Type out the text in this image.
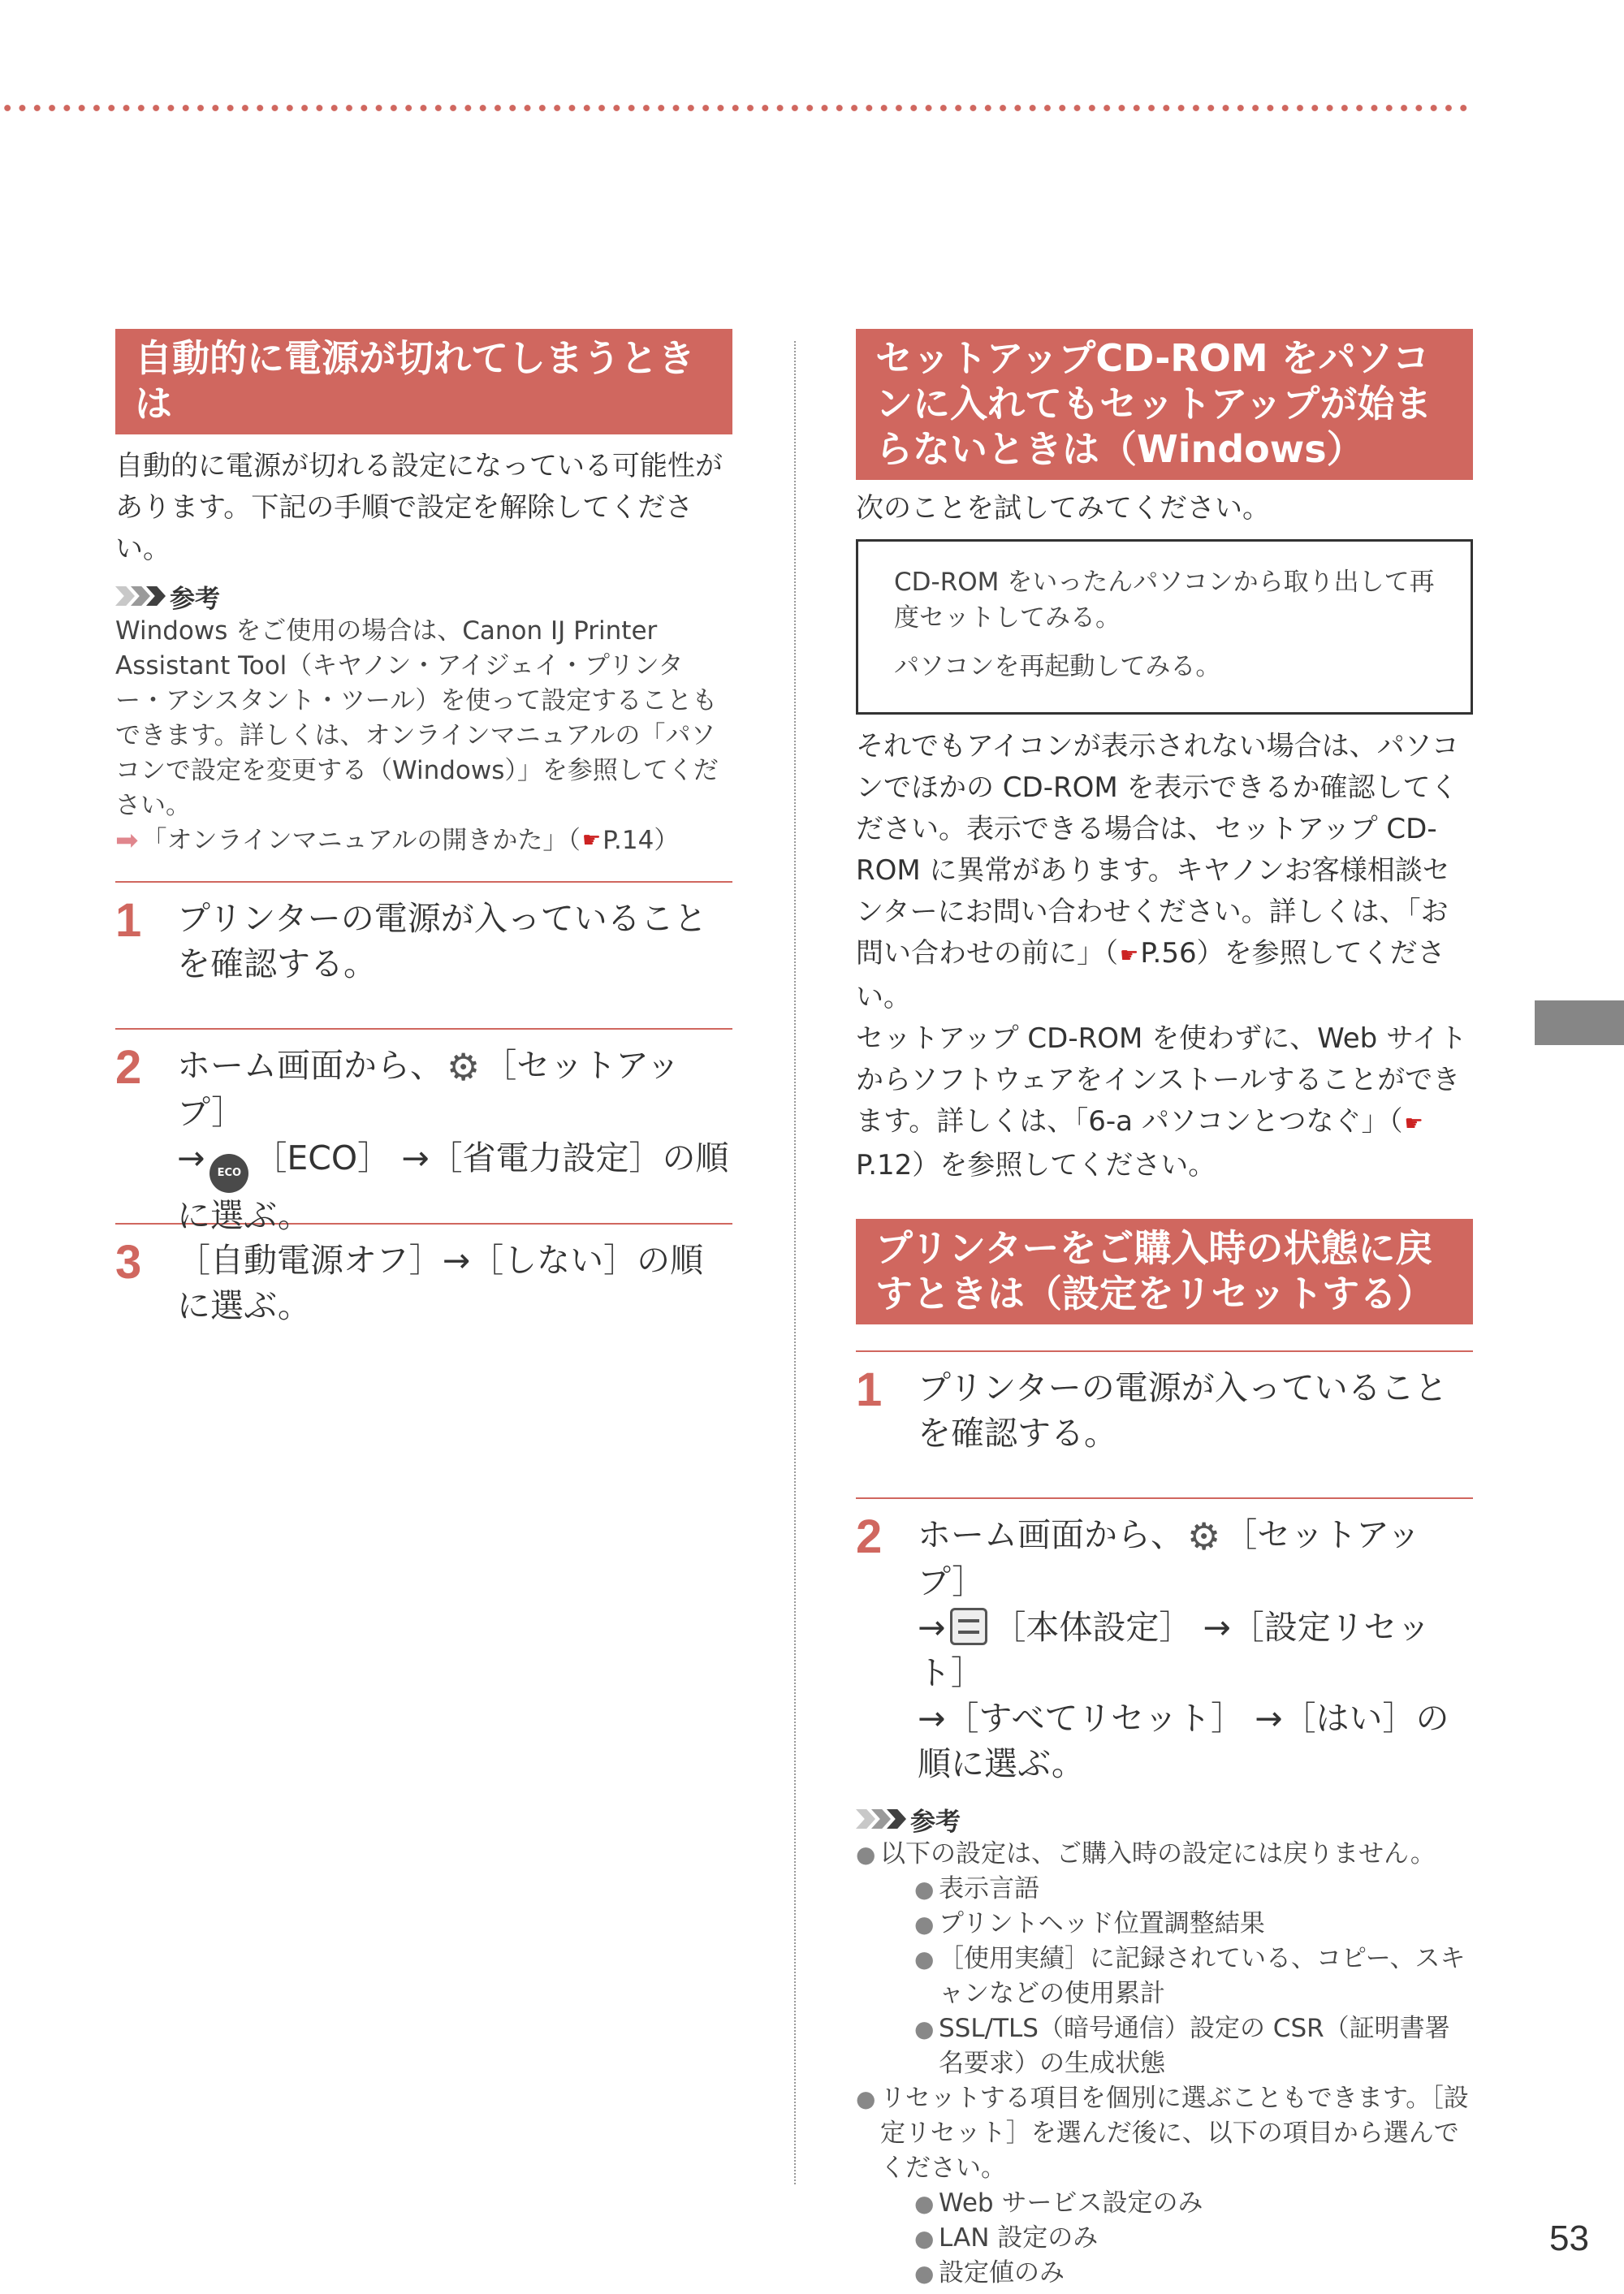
自動的に電源が切れてしまうときは

自動的に電源が切れる設定になっている可能性があります。下記の手順で設定を解除してください。

参考

Windows をご使用の場合は、Canon IJ Printer Assistant Tool（キヤノン・アイジェイ・プリンター・アシスタント・ツール）を使って設定することもできます。詳しくは、オンラインマニュアルの「パソコンで設定を変更する（Windows）」を参照してください。

➡ 「オンラインマニュアルの開きかた」（ ☛ P.14 ）
1	プリンターの電源が入っていることを確認する。
2	ホーム画面から、⚙［セットアップ］
→ ECO ［ECO］ →［省電力設定］の順に選ぶ。
3	［自動電源オフ］→［しない］の順に選ぶ。
セットアップCD-ROM をパソコンに入れてもセットアップが始まらないときは（Windows）

次のことを試してみてください。

CD-ROM をいったんパソコンから取り出して再度セットしてみる。

パソコンを再起動してみる。

それでもアイコンが表示されない場合は、パソコンでほかの CD-ROM を表示できるか確認してください。表示できる場合は、セットアップ CD-ROM に異常があります。キヤノンお客様相談センターにお問い合わせください。詳しくは、「お問い合わせの前に」（☛P.56）を参照してください。

セットアップ CD-ROM を使わずに、Web サイトからソフトウェアをインストールすることができます。詳しくは、「6-a パソコンとつなぐ」（☛P.12）を参照してください。

プリンターをご購入時の状態に戻すときは（設定をリセットする）
1	プリンターの電源が入っていることを確認する。
2	ホーム画面から、⚙［セットアップ］
→ ［本体設定］ →［設定リセット］
→［すべてリセット］ →［はい］の順に選ぶ。
参考
● 以下の設定は、ご購入時の設定には戻りません。
● 表示言語
● プリントヘッド位置調整結果
● ［使用実績］に記録されている、コピー、スキャンなどの使用累計
● SSL/TLS（暗号通信）設定の CSR（証明書署名要求）の生成状態
● リセットする項目を個別に選ぶこともできます。［設定リセット］を選んだ後に、以下の項目から選んでください。
● Web サービス設定のみ
● LAN 設定のみ
● 設定値のみ
53
